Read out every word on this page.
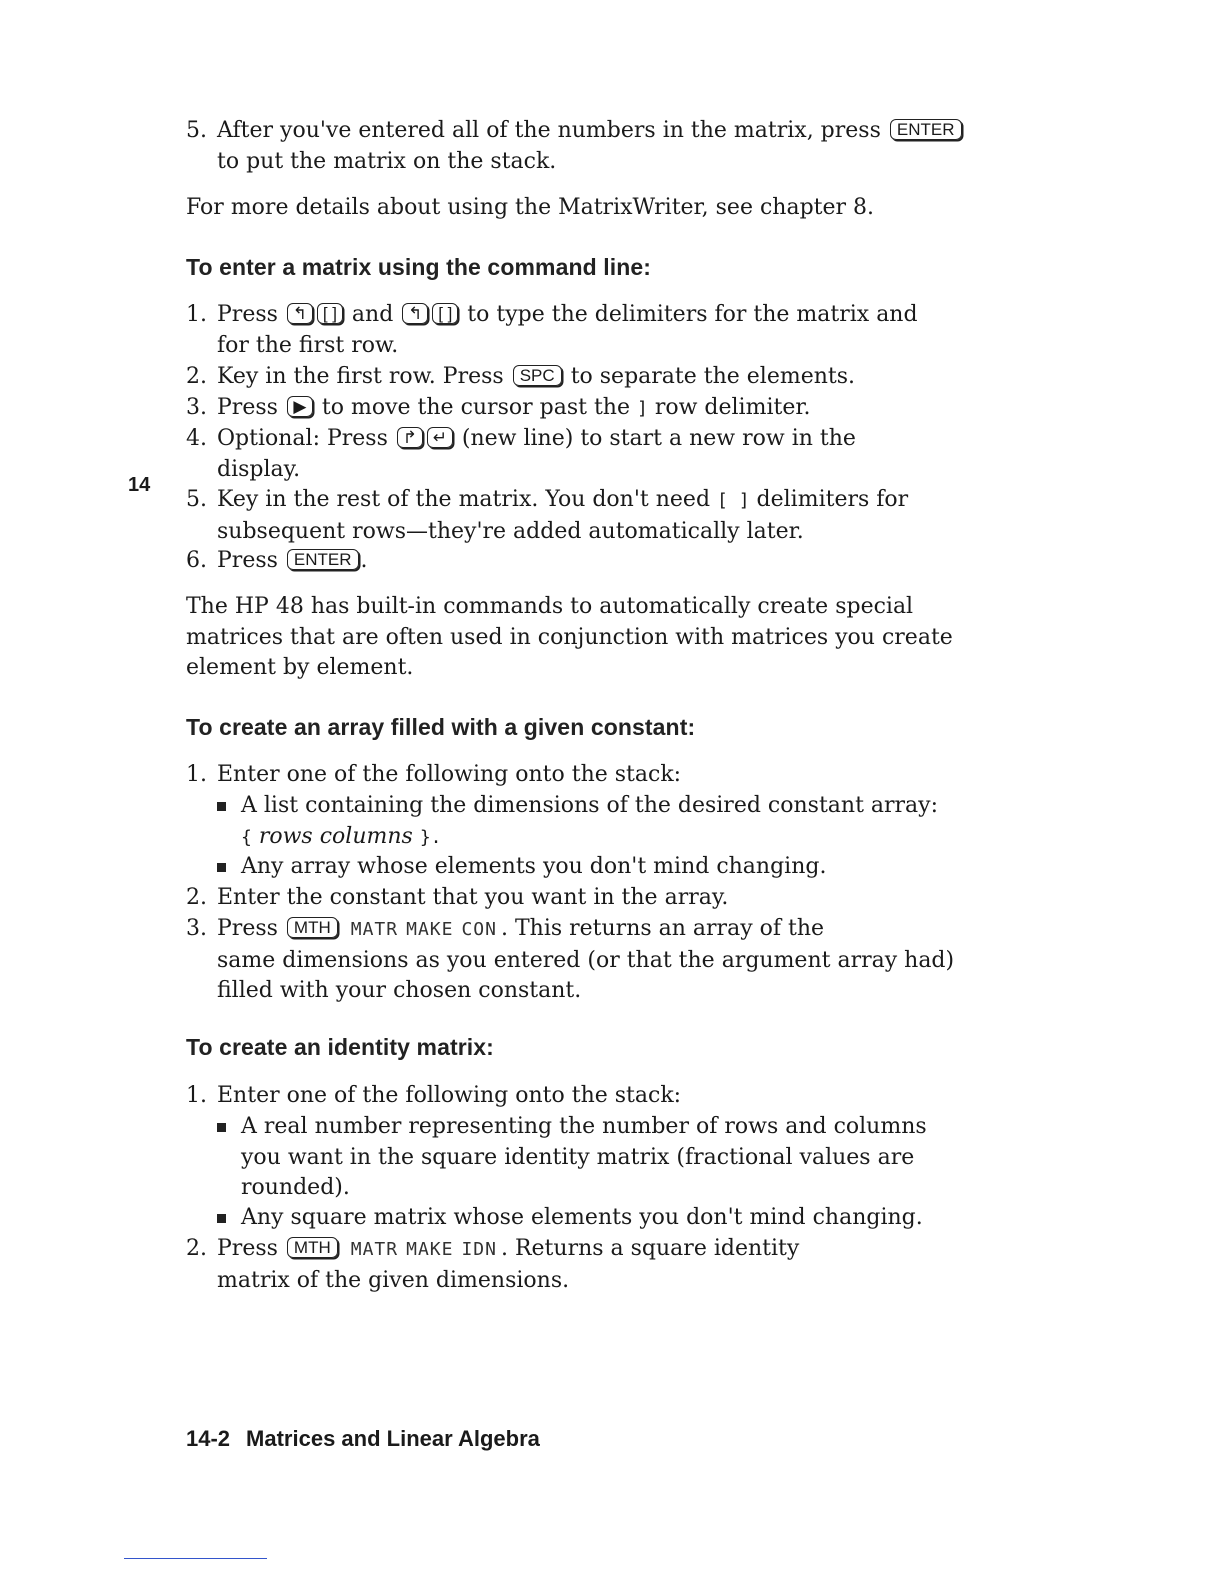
5. After you've entered all of the numbers in the matrix, press ENTER
to put the matrix on the stack.
For more details about using the MatrixWriter, see chapter 8.
To enter a matrix using the command line:
1. Press ↰ [ ] and ↰ [ ] to type the delimiters for the matrix and
for the first row.
2. Key in the first row. Press SPC to separate the elements.
3. Press ▶ to move the cursor past the ] row delimiter.
4. Optional: Press ↱ ↵ (new line) to start a new row in the
display.
14
5. Key in the rest of the matrix. You don't need [ ] delimiters for
subsequent rows—they're added automatically later.
6. Press ENTER .
The HP 48 has built-in commands to automatically create special
matrices that are often used in conjunction with matrices you create
element by element.
To create an array filled with a given constant:
1. Enter one of the following onto the stack:
A list containing the dimensions of the desired constant array:
{ rows columns }.
Any array whose elements you don't mind changing.
2. Enter the constant that you want in the array.
3. Press MTH MATR MAKE CON . This returns an array of the
same dimensions as you entered (or that the argument array had)
filled with your chosen constant.
To create an identity matrix:
1. Enter one of the following onto the stack:
A real number representing the number of rows and columns
you want in the square identity matrix (fractional values are
rounded).
Any square matrix whose elements you don't mind changing.
2. Press MTH MATR MAKE IDN . Returns a square identity
matrix of the given dimensions.
14-2 Matrices and Linear Algebra
